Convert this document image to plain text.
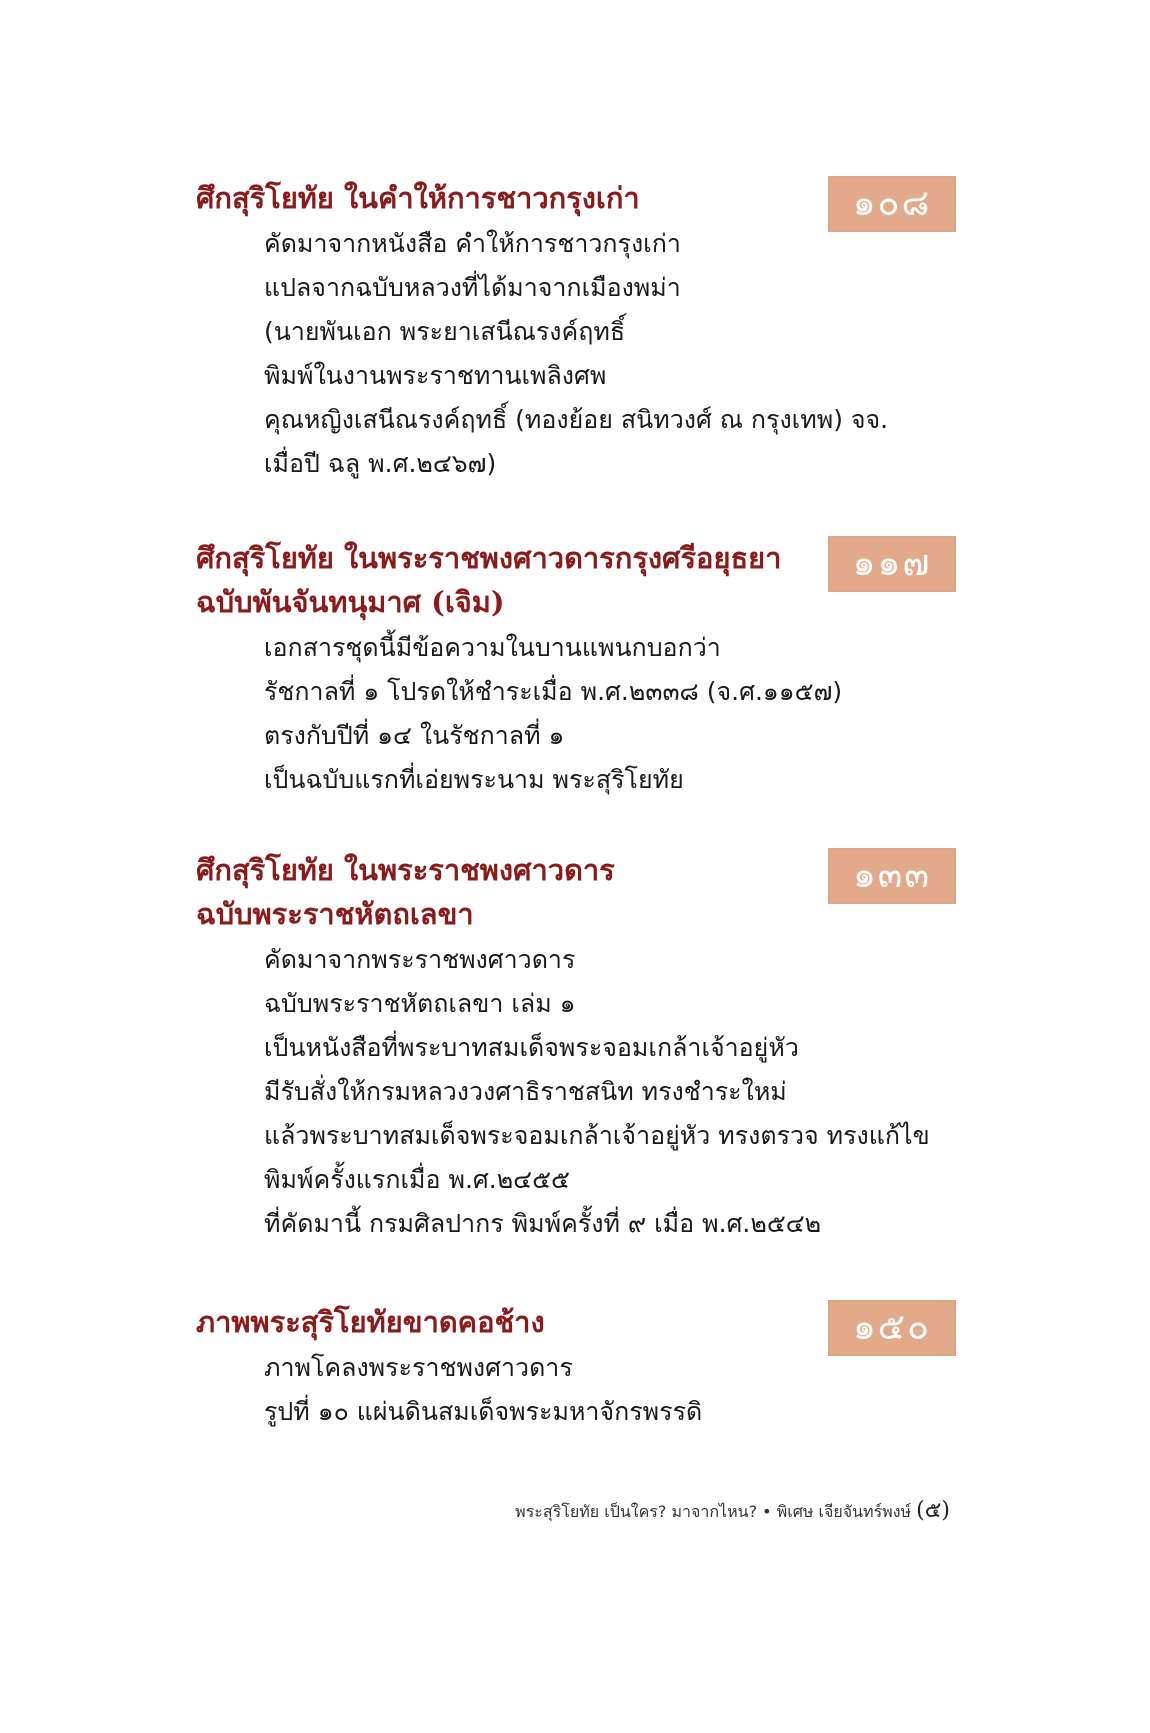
๑๐๘
ศึกสุริโยทัย ในคำให้การชาวกรุงเก่า
คัดมาจากหนังสือ คำให้การชาวกรุงเก่า
แปลจากฉบับหลวงที่ได้มาจากเมืองพม่า
(นายพันเอก พระยาเสนีณรงค์ฤทธิ์
พิมพ์ในงานพระราชทานเพลิงศพ
คุณหญิงเสนีณรงค์ฤทธิ์ (ทองย้อย สนิทวงศ์ ณ กรุงเทพ) จจ.
เมื่อปี ฉลู พ.ศ.๒๔๖๗)
๑๑๗
ศึกสุริโยทัย ในพระราชพงศาวดารกรุงศรีอยุธยา
ฉบับพันจันทนุมาศ (เจิม)
เอกสารชุดนี้มีข้อความในบานแพนกบอกว่า
รัชกาลที่ ๑ โปรดให้ชำระเมื่อ พ.ศ.๒๓๓๘ (จ.ศ.๑๑๕๗)
ตรงกับปีที่ ๑๔ ในรัชกาลที่ ๑
เป็นฉบับแรกที่เอ่ยพระนาม พระสุริโยทัย
๑๓๓
ศึกสุริโยทัย ในพระราชพงศาวดาร
ฉบับพระราชหัตถเลขา
คัดมาจากพระราชพงศาวดาร
ฉบับพระราชหัตถเลขา เล่ม ๑
เป็นหนังสือที่พระบาทสมเด็จพระจอมเกล้าเจ้าอยู่หัว
มีรับสั่งให้กรมหลวงวงศาธิราชสนิท ทรงชำระใหม่
แล้วพระบาทสมเด็จพระจอมเกล้าเจ้าอยู่หัว ทรงตรวจ ทรงแก้ไข
พิมพ์ครั้งแรกเมื่อ พ.ศ.๒๔๕๕
ที่คัดมานี้ กรมศิลปากร พิมพ์ครั้งที่ ๙ เมื่อ พ.ศ.๒๕๔๒
๑๕๐
ภาพพระสุริโยทัยขาดคอช้าง
ภาพโคลงพระราชพงศาวดาร
รูปที่ ๑๐ แผ่นดินสมเด็จพระมหาจักรพรรดิ
พระสุริโยทัย เป็นใคร? มาจากไหน? • พิเศษ เจียจันทร์พงษ์ (๕)
